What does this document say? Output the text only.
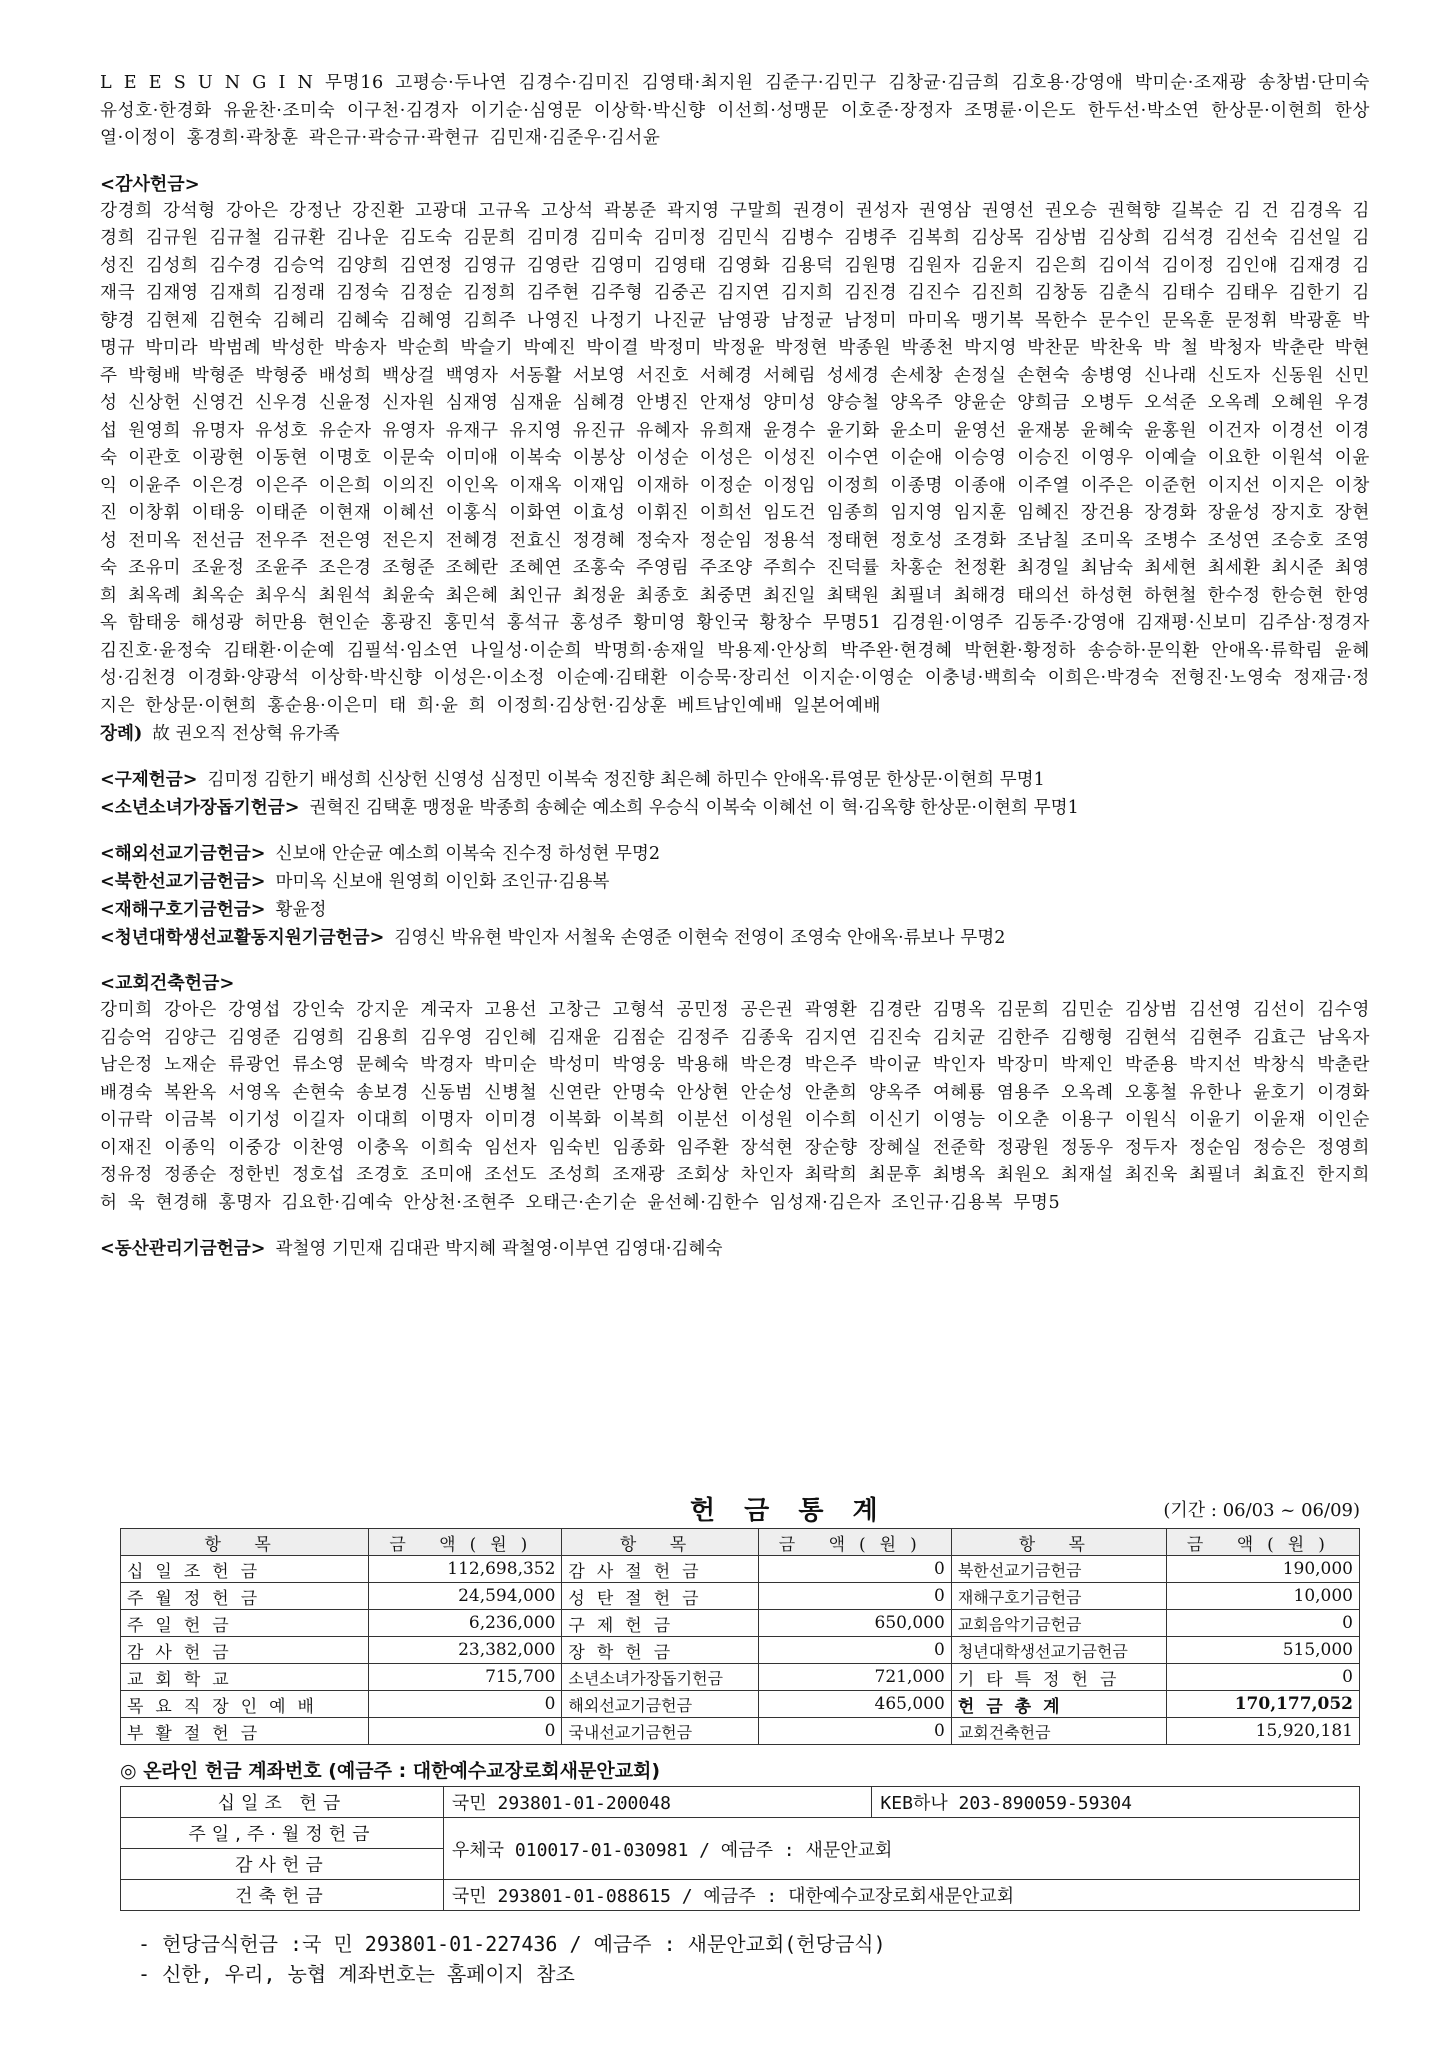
L E E S U N G I N 무명16 고평승·두나연 김경수·김미진 김영태·최지원 김준구·김민구 김창균·김금희 김호용·강영애 박미순·조재광 송창범·단미숙 유성호·한경화 유윤찬·조미숙 이구천·김경자 이기순·심영문 이상학·박신향 이선희·성맹문 이호준·장정자 조명륜·이은도 한두선·박소연 한상문·이현희 한상열·이정이 홍경희·곽창훈 곽은규·곽승규·곽현규 김민재·김준우·김서윤
<감사헌금>
강경희 강석형 강아은 강정난 강진환 고광대 고규옥 고상석 곽봉준 곽지영 구말희 권경이 권성자 권영삼 권영선 권오승 권혁향 길복순 김 건 김경옥 김경희 김규원 김규철 김규환 김나운 김도숙 김문희 김미경 김미숙 김미정 김민식 김병수 김병주 김복희 김상목 김상범 김상희 김석경 김선숙 김선일 김성진 김성희 김수경 김승억 김양희 김연정 김영규 김영란 김영미 김영태 김영화 김용덕 김원명 김원자 김윤지 김은희 김이석 김이정 김인애 김재경 김재극 김재영 김재희 김정래 김정숙 김정순 김정희 김주현 김주형 김중곤 김지연 김지희 김진경 김진수 김진희 김창동 김춘식 김태수 김태우 김한기 김향경 김현제 김현숙 김혜리 김혜숙 김혜영 김희주 나영진 나정기 나진균 남영광 남정균 남정미 마미옥 맹기복 목한수 문수인 문옥훈 문정휘 박광훈 박명규 박미라 박범례 박성한 박송자 박순희 박슬기 박예진 박이결 박정미 박정윤 박정현 박종원 박종천 박지영 박찬문 박찬욱 박 철 박청자 박춘란 박현주 박형배 박형준 박형중 배성희 백상걸 백영자 서동활 서보영 서진호 서혜경 서혜림 성세경 손세창 손정실 손현숙 송병영 신나래 신도자 신동원 신민성 신상헌 신영건 신우경 신윤정 신자원 심재영 심재윤 심혜경 안병진 안재성 양미성 양승철 양옥주 양윤순 양희금 오병두 오석준 오옥례 오혜원 우경섭 원영희 유명자 유성호 유순자 유영자 유재구 유지영 유진규 유혜자 유희재 윤경수 윤기화 윤소미 윤영선 윤재봉 윤혜숙 윤홍원 이건자 이경선 이경숙 이관호 이광현 이동현 이명호 이문숙 이미애 이복숙 이봉상 이성순 이성은 이성진 이수연 이순애 이승영 이승진 이영우 이예슬 이요한 이원석 이윤익 이윤주 이은경 이은주 이은희 이의진 이인옥 이재옥 이재임 이재하 이정순 이정임 이정희 이종명 이종애 이주열 이주은 이준헌 이지선 이지은 이창진 이창휘 이태웅 이태준 이현재 이혜선 이홍식 이화연 이효성 이휘진 이희선 임도건 임종희 임지영 임지훈 임혜진 장건용 장경화 장윤성 장지호 장현성 전미옥 전선금 전우주 전은영 전은지 전혜경 전효신 정경혜 정숙자 정순임 정용석 정태현 정호성 조경화 조남칠 조미옥 조병수 조성연 조승호 조영숙 조유미 조윤정 조윤주 조은경 조형준 조혜란 조혜연 조홍숙 주영림 주조양 주희수 진덕률 차홍순 천정환 최경일 최남숙 최세현 최세환 최시준 최영희 최옥례 최옥순 최우식 최원석 최윤숙 최은혜 최인규 최정윤 최종호 최중면 최진일 최택원 최필녀 최해경 태의선 하성현 하현철 한수정 한승현 한영옥 함태웅 해성광 허만용 현인순 홍광진 홍민석 홍석규 홍성주 황미영 황인국 황창수 무명51 김경원·이영주 김동주·강영애 김재평·신보미 김주삼·정경자 김진호·윤정숙 김태환·이순예 김필석·임소연 나일성·이순희 박명희·송재일 박용제·안상희 박주완·현경혜 박현환·황정하 송승하·문익환 안애옥·류학림 윤혜성·김천경 이경화·양광석 이상학·박신향 이성은·이소정 이순예·김태환 이승묵·장리선 이지순·이영순 이충녕·백희숙 이희은·박경숙 전형진·노영숙 정재금·정지은 한상문·이현희 홍순용·이은미 태 희·윤 희 이정희·김상헌·김상훈 베트남인예배 일본어예배
장례) 故 권오직 전상혁 유가족
<구제헌금> 김미정 김한기 배성희 신상헌 신영성 심정민 이복숙 정진향 최은혜 하민수 안애옥·류영문 한상문·이현희 무명1
<소년소녀가장돕기헌금> 권혁진 김택훈 맹정윤 박종희 송혜순 예소희 우승식 이복숙 이혜선 이 혁·김옥향 한상문·이현희 무명1
<해외선교기금헌금> 신보애 안순균 예소희 이복숙 진수정 하성현 무명2
<북한선교기금헌금> 마미옥 신보애 원영희 이인화 조인규·김용복
<재해구호기금헌금> 황윤정
<청년대학생선교활동지원기금헌금> 김영신 박유현 박인자 서철욱 손영준 이현숙 전영이 조영숙 안애옥·류보나 무명2
<교회건축헌금>
강미희 강아은 강영섭 강인숙 강지운 계국자 고용선 고창근 고형석 공민정 공은권 곽영환 김경란 김명옥 김문희 김민순 김상범 김선영 김선이 김수영 김승억 김양근 김영준 김영희 김용희 김우영 김인혜 김재윤 김점순 김정주 김종욱 김지연 김진숙 김치균 김한주 김행형 김현석 김현주 김효근 남옥자 남은정 노재순 류광언 류소영 문혜숙 박경자 박미순 박성미 박영웅 박용해 박은경 박은주 박이균 박인자 박장미 박제인 박준용 박지선 박창식 박춘란 배경숙 복완옥 서영옥 손현숙 송보경 신동범 신병철 신연란 안명숙 안상현 안순성 안춘희 양옥주 여혜룡 염용주 오옥례 오홍철 유한나 윤호기 이경화 이규락 이금복 이기성 이길자 이대희 이명자 이미경 이복화 이복희 이분선 이성원 이수희 이신기 이영능 이오춘 이용구 이원식 이윤기 이윤재 이인순 이재진 이종익 이중강 이찬영 이충옥 이희숙 임선자 임숙빈 임종화 임주환 장석현 장순향 장혜실 전준학 정광원 정동우 정두자 정순임 정승은 정영희 정유정 정종순 정한빈 정호섭 조경호 조미애 조선도 조성희 조재광 조회상 차인자 최락희 최문후 최병옥 최원오 최재설 최진욱 최필녀 최효진 한지희 허 욱 현경해 홍명자 김요한·김예숙 안상천·조현주 오태근·손기순 윤선혜·김한수 임성재·김은자 조인규·김용복 무명5
<동산관리기금헌금> 곽철영 기민재 김대관 박지혜 곽철영·이부연 김영대·김혜숙
헌 금 통 계	(기간 : 06/03 ~ 06/09)
항 목	금 액(원)	항 목	금 액(원)	항 목	금 액(원)
십일조헌금	112,698,352	감사절헌금	0	북한선교기금헌금	190,000
주월정헌금	24,594,000	성탄절헌금	0	재해구호기금헌금	10,000
주일헌금	6,236,000	구제헌금	650,000	교회음악기금헌금	0
감사헌금	23,382,000	장학헌금	0	청년대학생선교기금헌금	515,000
교회학교	715,700	소년소녀가장돕기헌금	721,000	기타특정헌금	0
목요직장인예배	0	해외선교기금헌금	465,000	헌금총계	170,177,052
부활절헌금	0	국내선교기금헌금	0	교회건축헌금	15,920,181
◎ 온라인 헌금 계좌번호 (예금주 : 대한예수교장로회새문안교회)
십일조 헌금	국민 293801-01-200048	KEB하나 203-890059-59304
주일,주·월정헌금	우체국 010017-01-030981 / 예금주 : 새문안교회	
감사헌금		
건축헌금	국민 293801-01-088615 / 예금주 : 대한예수교장로회새문안교회	
- 헌당금식헌금 :국 민 293801-01-227436 / 예금주 : 새문안교회(헌당금식)
- 신한, 우리, 농협 계좌번호는 홈페이지 참조
